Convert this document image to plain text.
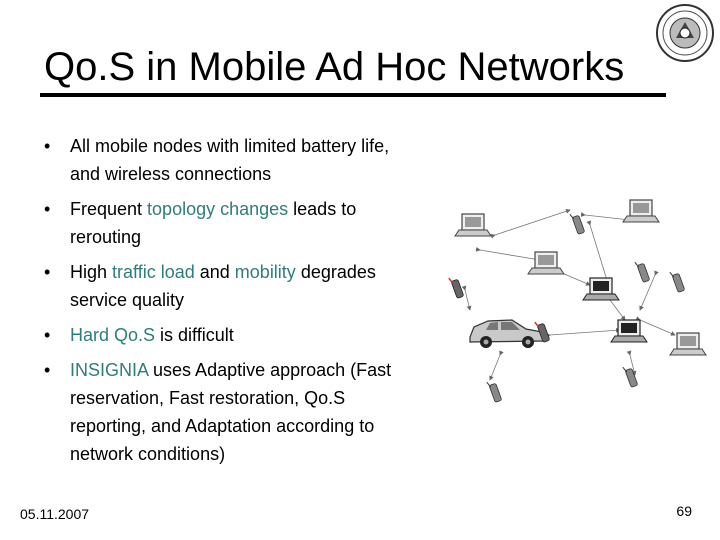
Qo.S in Mobile Ad Hoc Networks
• All mobile nodes with limited battery life, and wireless connections
• Frequent topology changes leads to rerouting
• High traffic load and mobility degrades service quality
• Hard Qo.S is difficult
• INSIGNIA uses Adaptive approach (Fast reservation, Fast restoration, Qo.S reporting, and Adaptation according to network conditions)
05.11.2007	69
